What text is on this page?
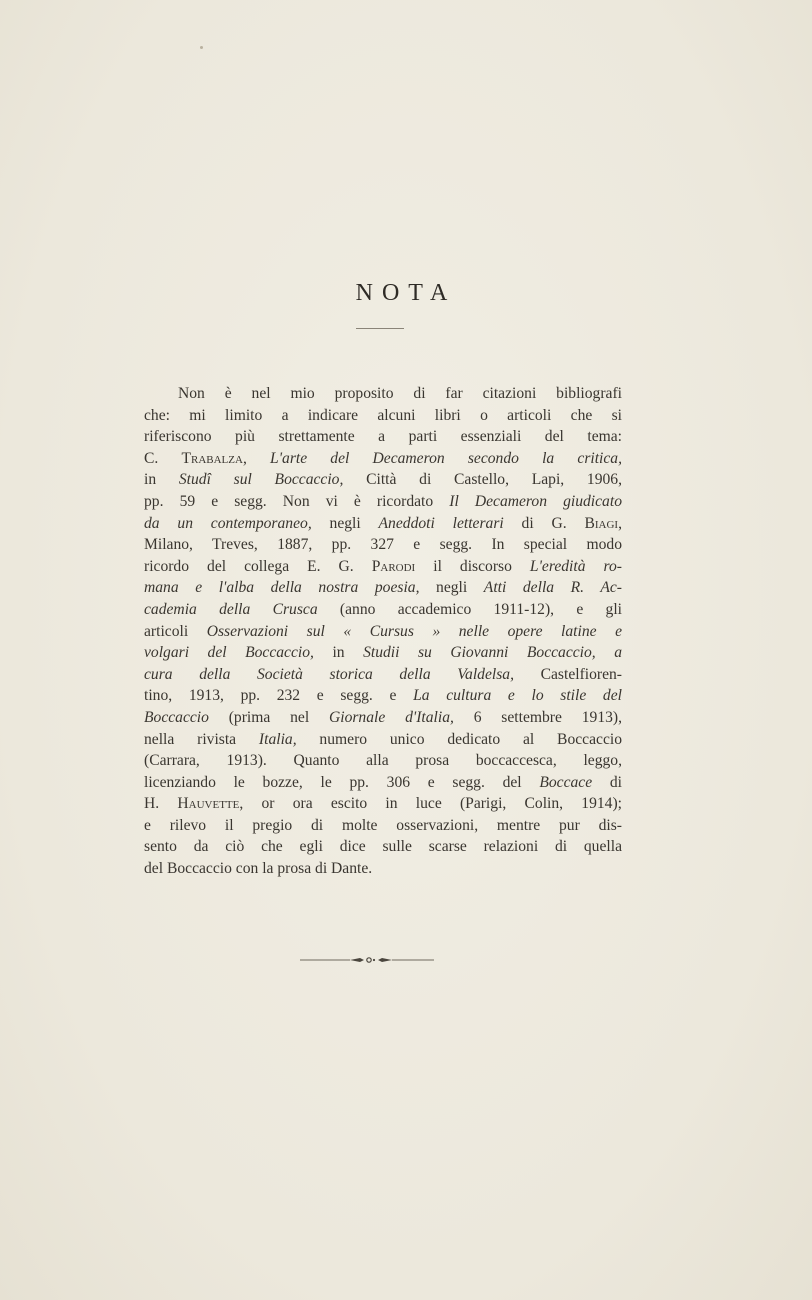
NOTA
Non è nel mio proposito di far citazioni bibliografi
che: mi limito a indicare alcuni libri o articoli che si
riferiscono più strettamente a parti essenziali del tema:
C. Trabalza, L'arte del Decameron secondo la critica,
in Studî sul Boccaccio, Città di Castello, Lapi, 1906,
pp. 59 e segg. Non vi è ricordato Il Decameron giudicato
da un contemporaneo, negli Aneddoti letterari di G. Biagi,
Milano, Treves, 1887, pp. 327 e segg. In special modo
ricordo del collega E. G. Parodi il discorso L'eredità ro-
mana e l'alba della nostra poesia, negli Atti della R. Ac-
cademia della Crusca (anno accademico 1911-12), e gli
articoli Osservazioni sul « Cursus » nelle opere latine e
volgari del Boccaccio, in Studii su Giovanni Boccaccio, a
cura della Società storica della Valdelsa, Castelfioren-
tino, 1913, pp. 232 e segg. e La cultura e lo stile del
Boccaccio (prima nel Giornale d'Italia, 6 settembre 1913),
nella rivista Italia, numero unico dedicato al Boccaccio
(Carrara, 1913). Quanto alla prosa boccaccesca, leggo,
licenziando le bozze, le pp. 306 e segg. del Boccace di
H. Hauvette, or ora escito in luce (Parigi, Colin, 1914);
e rilevo il pregio di molte osservazioni, mentre pur dis-
sento da ciò che egli dice sulle scarse relazioni di quella
del Boccaccio con la prosa di Dante.
